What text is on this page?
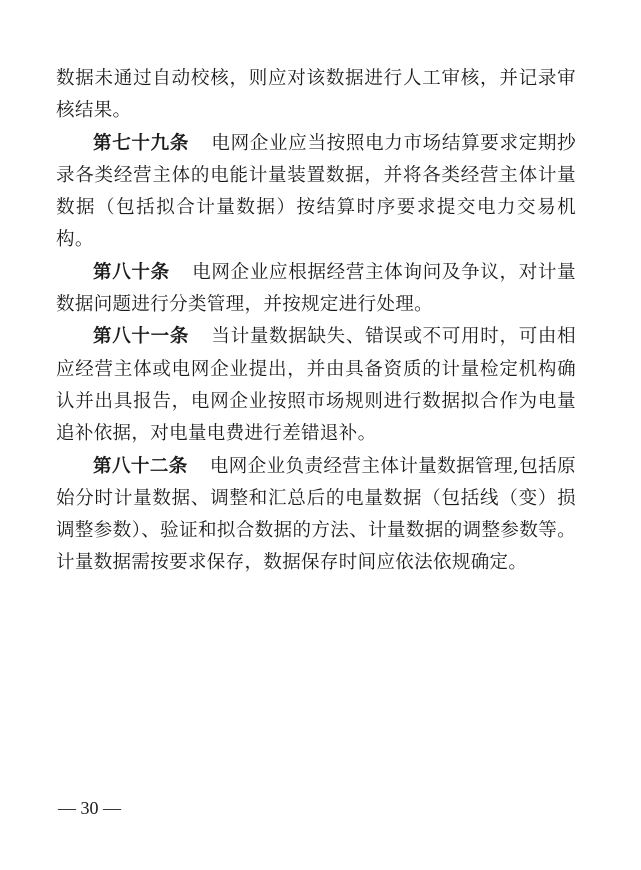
数据未通过自动校核，则应对该数据进行人工审核，并记录审核结果。

第七十九条 电网企业应当按照电力市场结算要求定期抄录各类经营主体的电能计量装置数据，并将各类经营主体计量数据（包括拟合计量数据）按结算时序要求提交电力交易机构。

第八十条 电网企业应根据经营主体询问及争议，对计量数据问题进行分类管理，并按规定进行处理。

第八十一条 当计量数据缺失、错误或不可用时，可由相应经营主体或电网企业提出，并由具备资质的计量检定机构确认并出具报告，电网企业按照市场规则进行数据拟合作为电量追补依据，对电量电费进行差错退补。

第八十二条 电网企业负责经营主体计量数据管理,包括原始分时计量数据、调整和汇总后的电量数据（包括线（变）损调整参数）、验证和拟合数据的方法、计量数据的调整参数等。计量数据需按要求保存，数据保存时间应依法依规确定。

— 30 —
